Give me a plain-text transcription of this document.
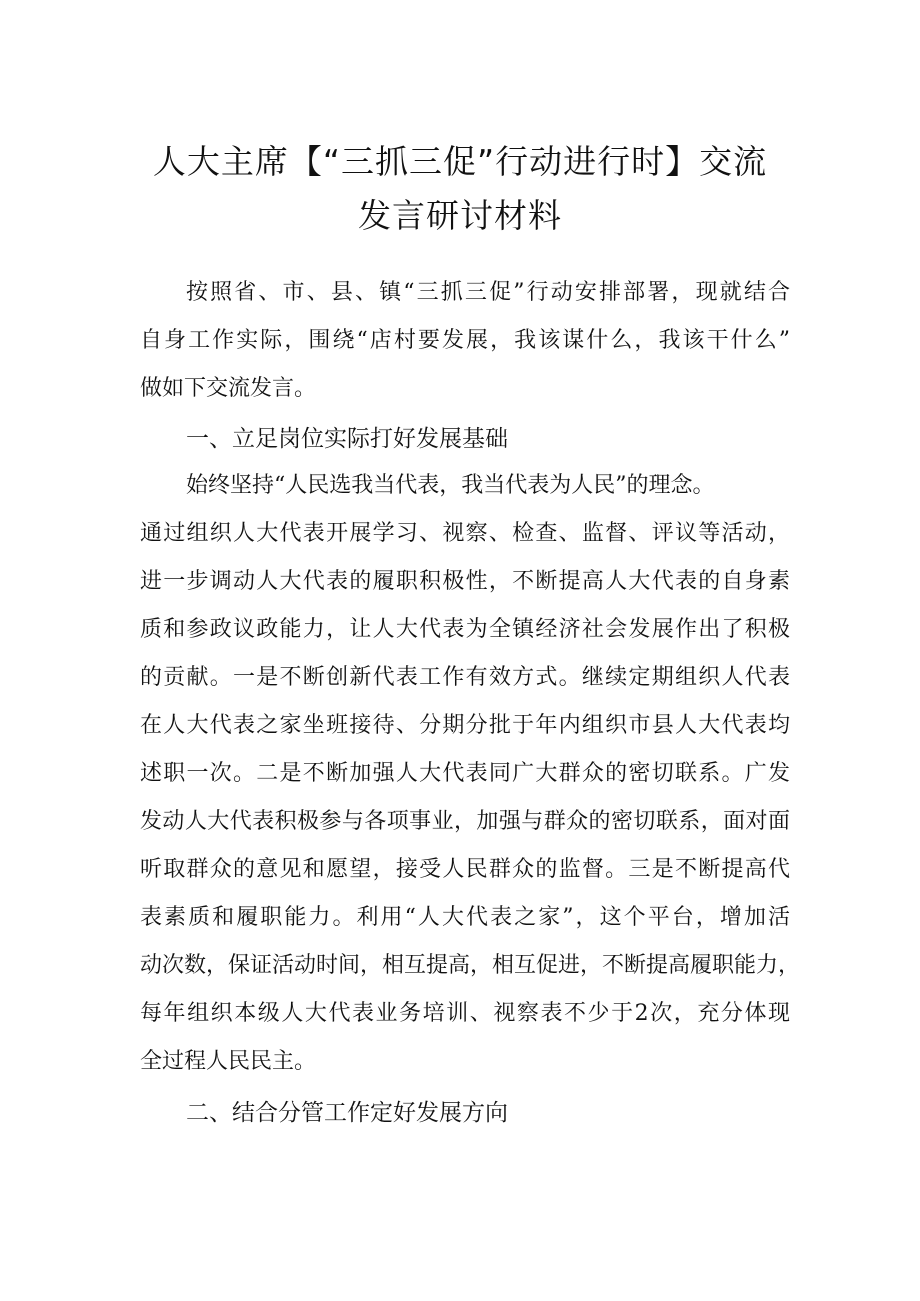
人大主席【“三抓三促”行动进行时】交流
发言研讨材料
按照省、市、县、镇“三抓三促”行动安排部署，现就结合
自身工作实际，围绕“店村要发展，我该谋什么，我该干什么”
做如下交流发言。
一、立足岗位实际打好发展基础
始终坚持“人民选我当代表，我当代表为人民”的理念。
通过组织人大代表开展学习、视察、检查、监督、评议等活动，
进一步调动人大代表的履职积极性，不断提高人大代表的自身素
质和参政议政能力，让人大代表为全镇经济社会发展作出了积极
的贡献。一是不断创新代表工作有效方式。继续定期组织人代表
在人大代表之家坐班接待、分期分批于年内组织市县人大代表均
述职一次。二是不断加强人大代表同广大群众的密切联系。广发
发动人大代表积极参与各项事业，加强与群众的密切联系，面对面
听取群众的意见和愿望，接受人民群众的监督。三是不断提高代
表素质和履职能力。利用“人大代表之家”，这个平台，增加活
动次数，保证活动时间，相互提高，相互促进，不断提高履职能力，
每年组织本级人大代表业务培训、视察表不少于2次，充分体现
全过程人民民主。
二、结合分管工作定好发展方向
